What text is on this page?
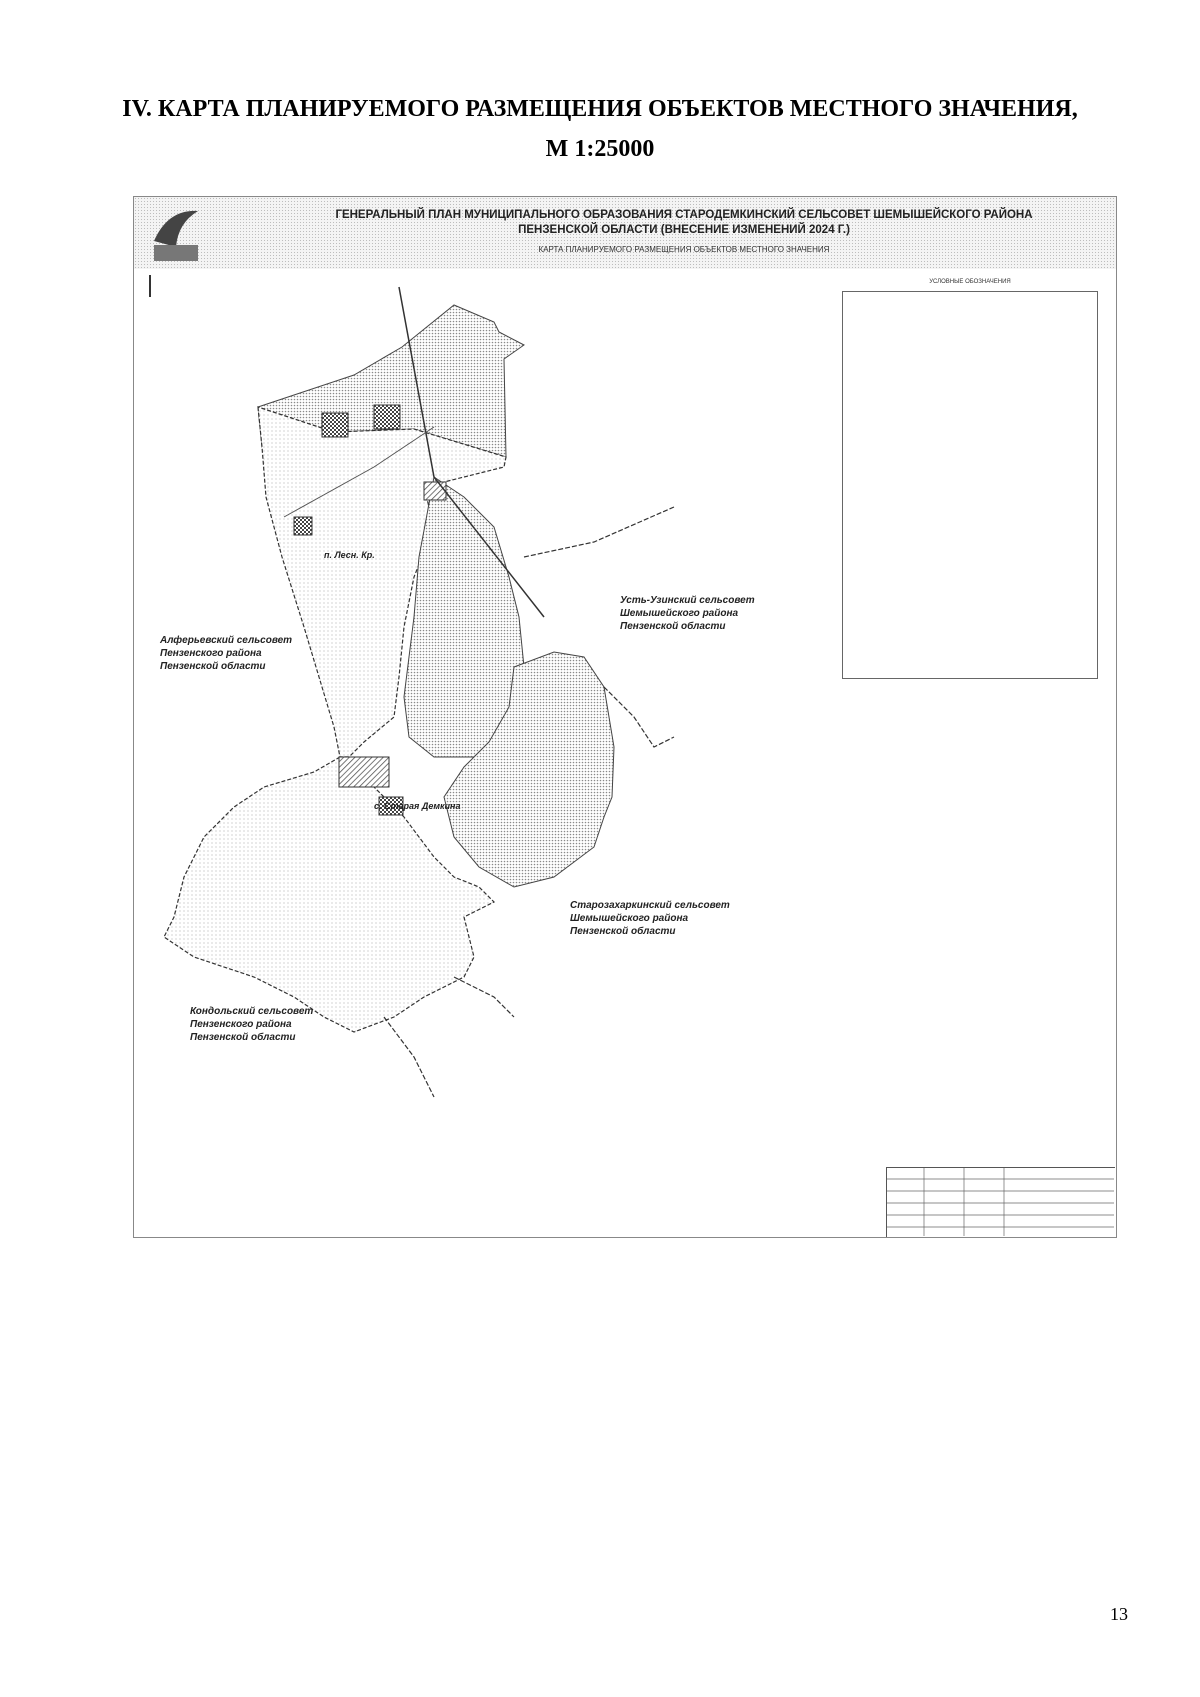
IV. КАРТА ПЛАНИРУЕМОГО РАЗМЕЩЕНИЯ ОБЪЕКТОВ МЕСТНОГО ЗНАЧЕНИЯ,
М 1:25000
ГЕНЕРАЛЬНЫЙ ПЛАН МУНИЦИПАЛЬНОГО ОБРАЗОВАНИЯ СТАРОДЕМКИНСКИЙ СЕЛЬСОВЕТ ШЕМЫШЕЙСКОГО РАЙОНА
ПЕНЗЕНСКОЙ ОБЛАСТИ (ВНЕСЕНИЕ ИЗМЕНЕНИЙ 2024 Г.)
КАРТА ПЛАНИРУЕМОГО РАЗМЕЩЕНИЯ ОБЪЕКТОВ МЕСТНОГО ЗНАЧЕНИЯ
п. Лесн. Кр.
с. Старая Демкина
Алферьевский сельсовет
Пензенского района
Пензенской области
Усть-Узинский сельсовет
Шемышейского района
Пензенской области
Старозахаркинский сельсовет
Шемышейского района
Пензенской области
Кондольский сельсовет
Пензенского района
Пензенской области
УСЛОВНЫЕ ОБОЗНАЧЕНИЯ
13
